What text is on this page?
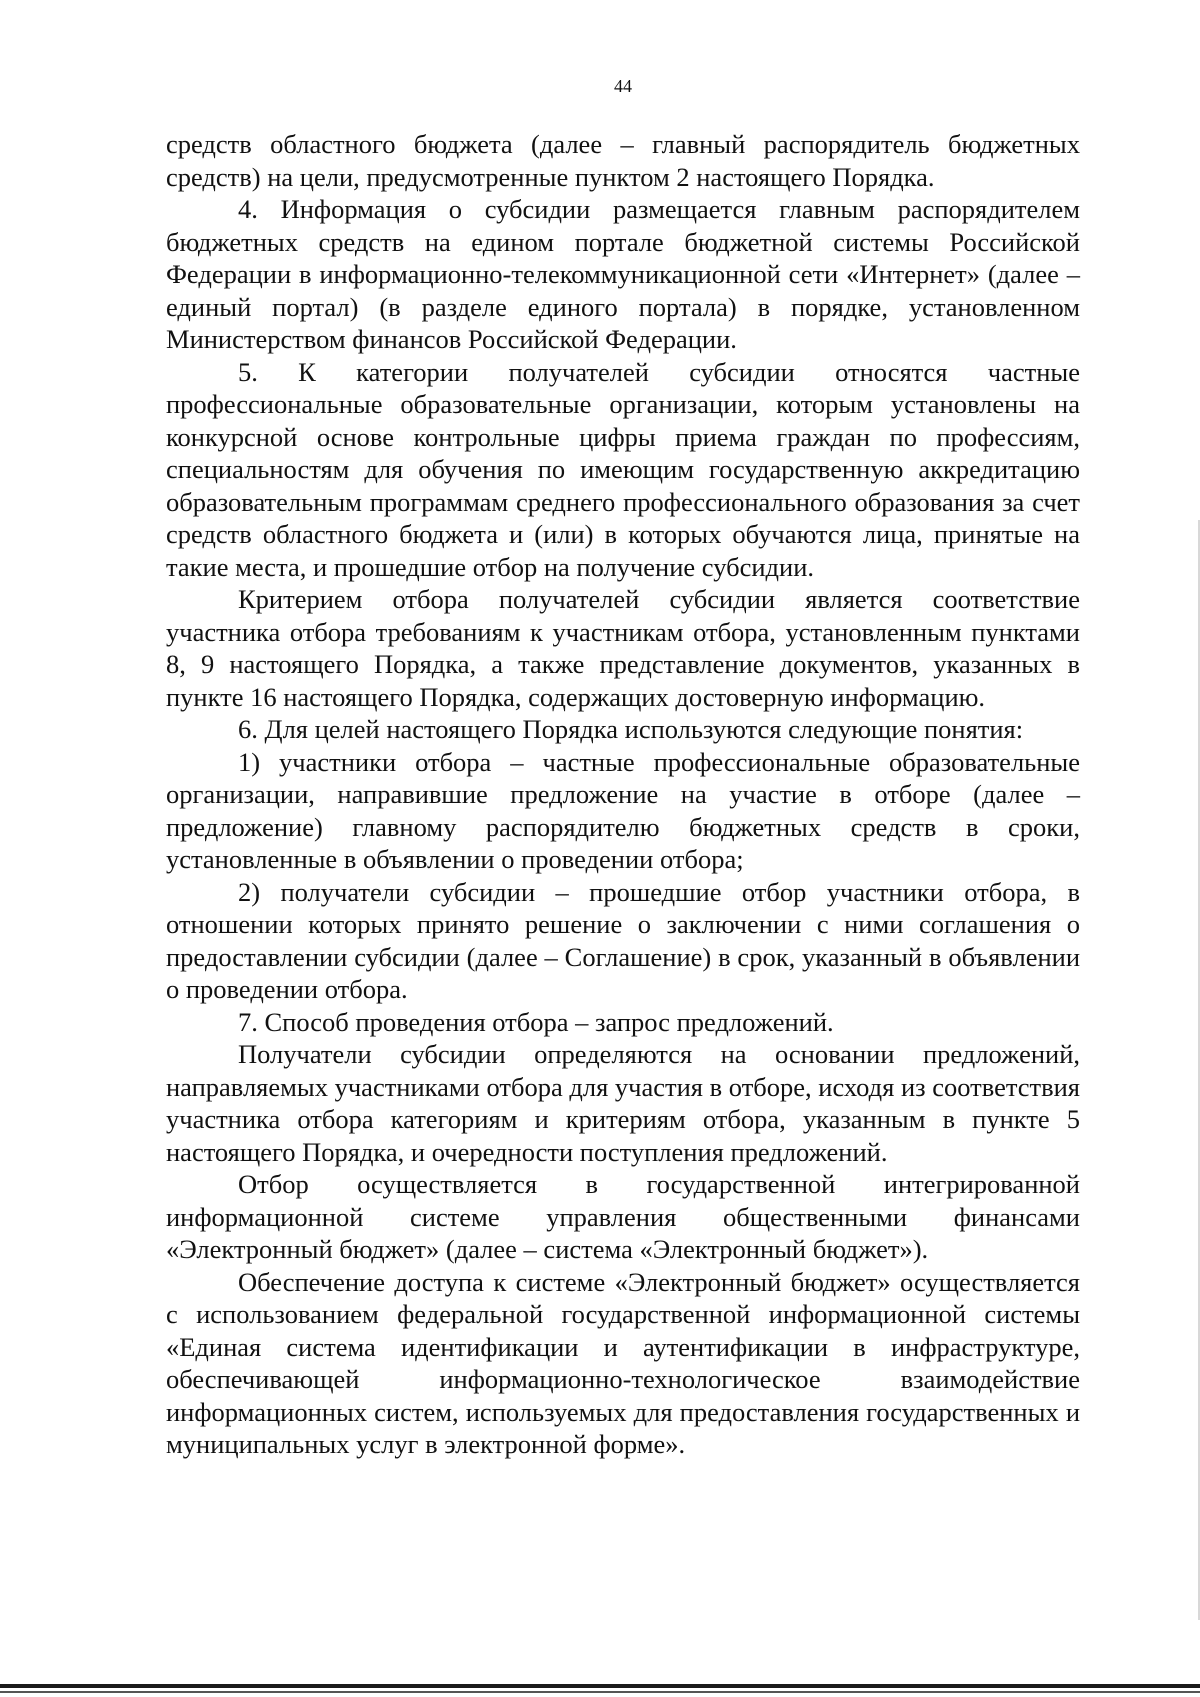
44

средств областного бюджета (далее – главный распорядитель бюджетных средств) на цели, предусмотренные пунктом 2 настоящего Порядка.

4. Информация о субсидии размещается главным распорядителем бюджетных средств на едином портале бюджетной системы Российской Федерации в информационно-телекоммуникационной сети «Интернет» (далее – единый портал) (в разделе единого портала) в порядке, установленном Министерством финансов Российской Федерации.

5. К категории получателей субсидии относятся частные профессиональные образовательные организации, которым установлены на конкурсной основе контрольные цифры приема граждан по профессиям, специальностям для обучения по имеющим государственную аккредитацию образовательным программам среднего профессионального образования за счет средств областного бюджета и (или) в которых обучаются лица, принятые на такие места, и прошедшие отбор на получение субсидии.

Критерием отбора получателей субсидии является соответствие участника отбора требованиям к участникам отбора, установленным пунктами 8, 9 настоящего Порядка, а также представление документов, указанных в пункте 16 настоящего Порядка, содержащих достоверную информацию.

6. Для целей настоящего Порядка используются следующие понятия:

1) участники отбора – частные профессиональные образовательные организации, направившие предложение на участие в отборе (далее – предложение) главному распорядителю бюджетных средств в сроки, установленные в объявлении о проведении отбора;

2) получатели субсидии – прошедшие отбор участники отбора, в отношении которых принято решение о заключении с ними соглашения о предоставлении субсидии (далее – Соглашение) в срок, указанный в объявлении о проведении отбора.

7. Способ проведения отбора – запрос предложений.

Получатели субсидии определяются на основании предложений, направляемых участниками отбора для участия в отборе, исходя из соответствия участника отбора категориям и критериям отбора, указанным в пункте 5 настоящего Порядка, и очередности поступления предложений.

Отбор осуществляется в государственной интегрированной информационной системе управления общественными финансами «Электронный бюджет» (далее – система «Электронный бюджет»).

Обеспечение доступа к системе «Электронный бюджет» осуществляется с использованием федеральной государственной информационной системы «Единая система идентификации и аутентификации в инфраструктуре, обеспечивающей информационно-технологическое взаимодействие информационных систем, используемых для предоставления государственных и муниципальных услуг в электронной форме».
